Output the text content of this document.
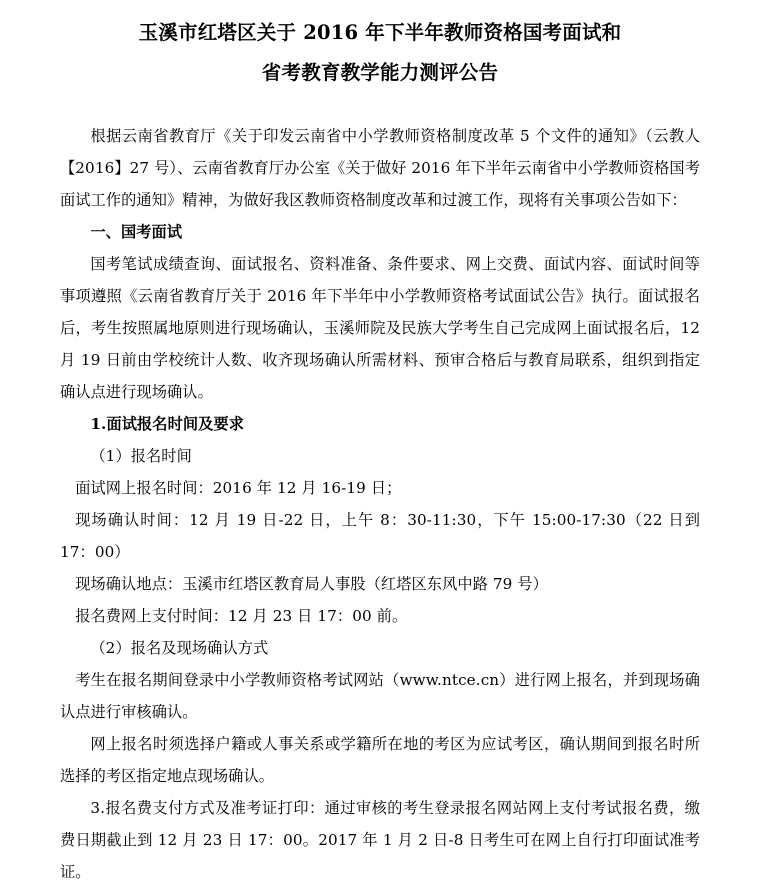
玉溪市红塔区关于 2016 年下半年教师资格国考面试和
省考教育教学能力测评公告

根据云南省教育厅《关于印发云南省中小学教师资格制度改革 5 个文件的通知》（云教人【2016】27 号）、云南省教育厅办公室《关于做好 2016 年下半年云南省中小学教师资格国考面试工作的通知》精神，为做好我区教师资格制度改革和过渡工作，现将有关事项公告如下：

一、国考面试

国考笔试成绩查询、面试报名、资料准备、条件要求、网上交费、面试内容、面试时间等事项遵照《云南省教育厅关于 2016 年下半年中小学教师资格考试面试公告》执行。面试报名后，考生按照属地原则进行现场确认，玉溪师院及民族大学考生自己完成网上面试报名后，12 月 19 日前由学校统计人数、收齐现场确认所需材料、预审合格后与教育局联系，组织到指定确认点进行现场确认。

1.面试报名时间及要求

（1）报名时间

面试网上报名时间：2016 年 12 月 16-19 日；

现场确认时间：12 月 19 日-22 日，上午 8：30-11:30，下午 15:00-17:30（22 日到 17：00）

现场确认地点：玉溪市红塔区教育局人事股（红塔区东风中路 79 号）

报名费网上支付时间：12 月 23 日 17：00 前。

（2）报名及现场确认方式

考生在报名期间登录中小学教师资格考试网站（www.ntce.cn）进行网上报名，并到现场确认点进行审核确认。

网上报名时须选择户籍或人事关系或学籍所在地的考区为应试考区，确认期间到报名时所选择的考区指定地点现场确认。

3.报名费支付方式及准考证打印：通过审核的考生登录报名网站网上支付考试报名费，缴费日期截止到 12 月 23 日 17：00。2017 年 1 月 2 日-8 日考生可在网上自行打印面试准考证。
